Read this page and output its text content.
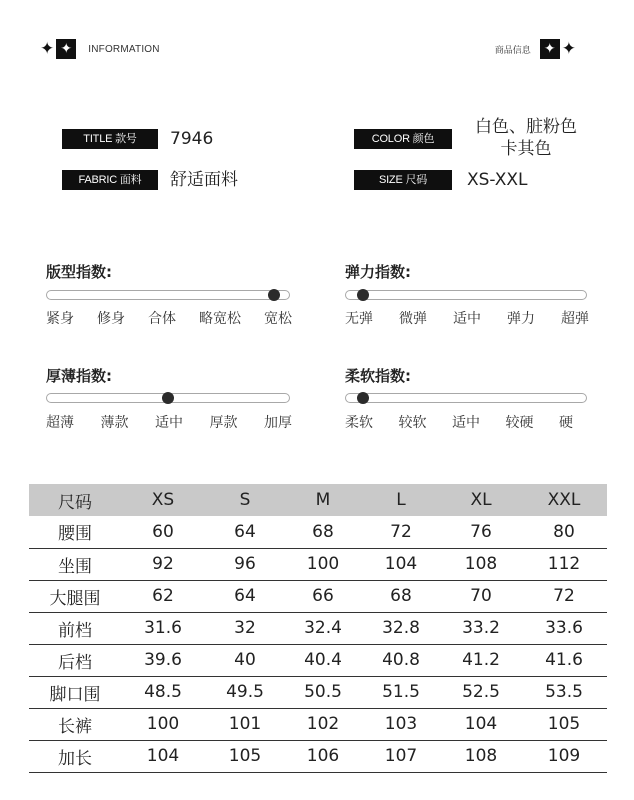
✦ ✦	INFORMATION	商品信息 ✦ ✦
TITLE 款号	7946
FABRIC 面料	舒适面料
COLOR 颜色
白色、脏粉色
卡其色
SIZE 尺码	XS-XXL
版型指数:
紧身 修身 合体 略宽松 宽松
弹力指数:
无弹 微弹 适中 弹力 超弹
厚薄指数:
超薄 薄款 适中 厚款 加厚
柔软指数:
柔软 较软 适中 较硬 硬
尺码	XS	S	M	L	XL	XXL
腰围	60	64	68	72	76	80
坐围	92	96	100	104	108	112
大腿围	62	64	66	68	70	72
前档	31.6	32	32.4	32.8	33.2	33.6
后档	39.6	40	40.4	40.8	41.2	41.6
脚口围	48.5	49.5	50.5	51.5	52.5	53.5
长裤	100	101	102	103	104	105
加长	104	105	106	107	108	109
